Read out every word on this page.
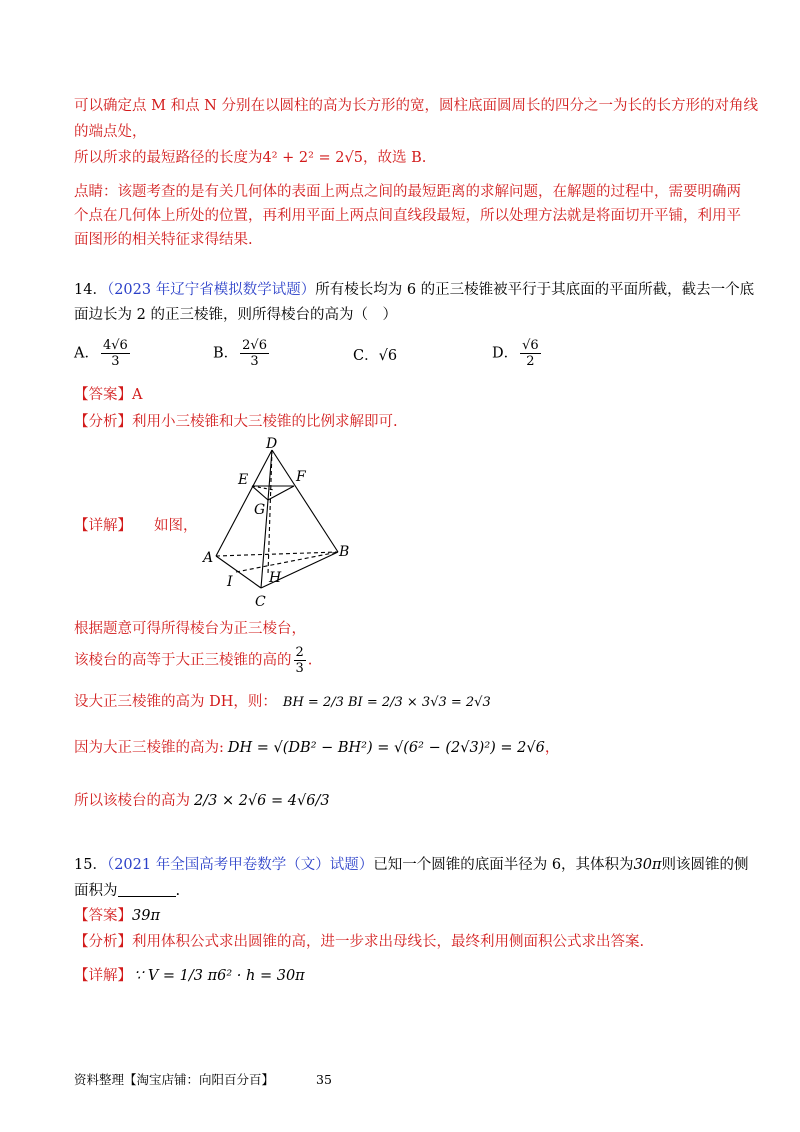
可以确定点 M 和点 N 分别在以圆柱的高为长方形的宽，圆柱底面圆周长的四分之一为长的长方形的对角线
的端点处，
所以所求的最短路径的长度为4² + 2² = 2√5，故选 B.
点睛：该题考查的是有关几何体的表面上两点之间的最短距离的求解问题，在解题的过程中，需要明确两
个点在几何体上所处的位置，再利用平面上两点间直线段最短，所以处理方法就是将面切开平铺，利用平
面图形的相关特征求得结果.
14．（2023 年辽宁省模拟数学试题）所有棱长均为 6 的正三棱锥被平行于其底面的平面所截，截去一个底
面边长为 2 的正三棱锥，则所得棱台的高为（　）
A． $\frac{4√6}{3}$	B． $\frac{2√6}{3}$	C．√6	D． $\frac{√6}{2}$
【答案】A
【分析】利用小三棱锥和大三棱锥的比例求解即可.
【详解】 如图，
D
E	F
G
A	B
I	H
C
根据题意可得所得棱台为正三棱台，
该棱台的高等于大正三棱锥的高的 $\frac{2}{3}$ .
设大正三棱锥的高为 DH，则： BH = 2/3 BI = 2/3 × 3√3 = 2√3
因为大正三棱锥的高为: DH = √(DB² − BH²) = √(6² − (2√3)²) = 2√6，
所以该棱台的高为 2/3 × 2√6 = 4√6/3
15．（2021 年全国高考甲卷数学（文）试题）已知一个圆锥的底面半径为 6，其体积为30π则该圆锥的侧
面积为	.
【答案】39π
【分析】利用体积公式求出圆锥的高，进一步求出母线长，最终利用侧面积公式求出答案.
【详解】 ∵ V = 1/3 π6² · h = 30π
资料整理【淘宝店铺：向阳百分百】	35
